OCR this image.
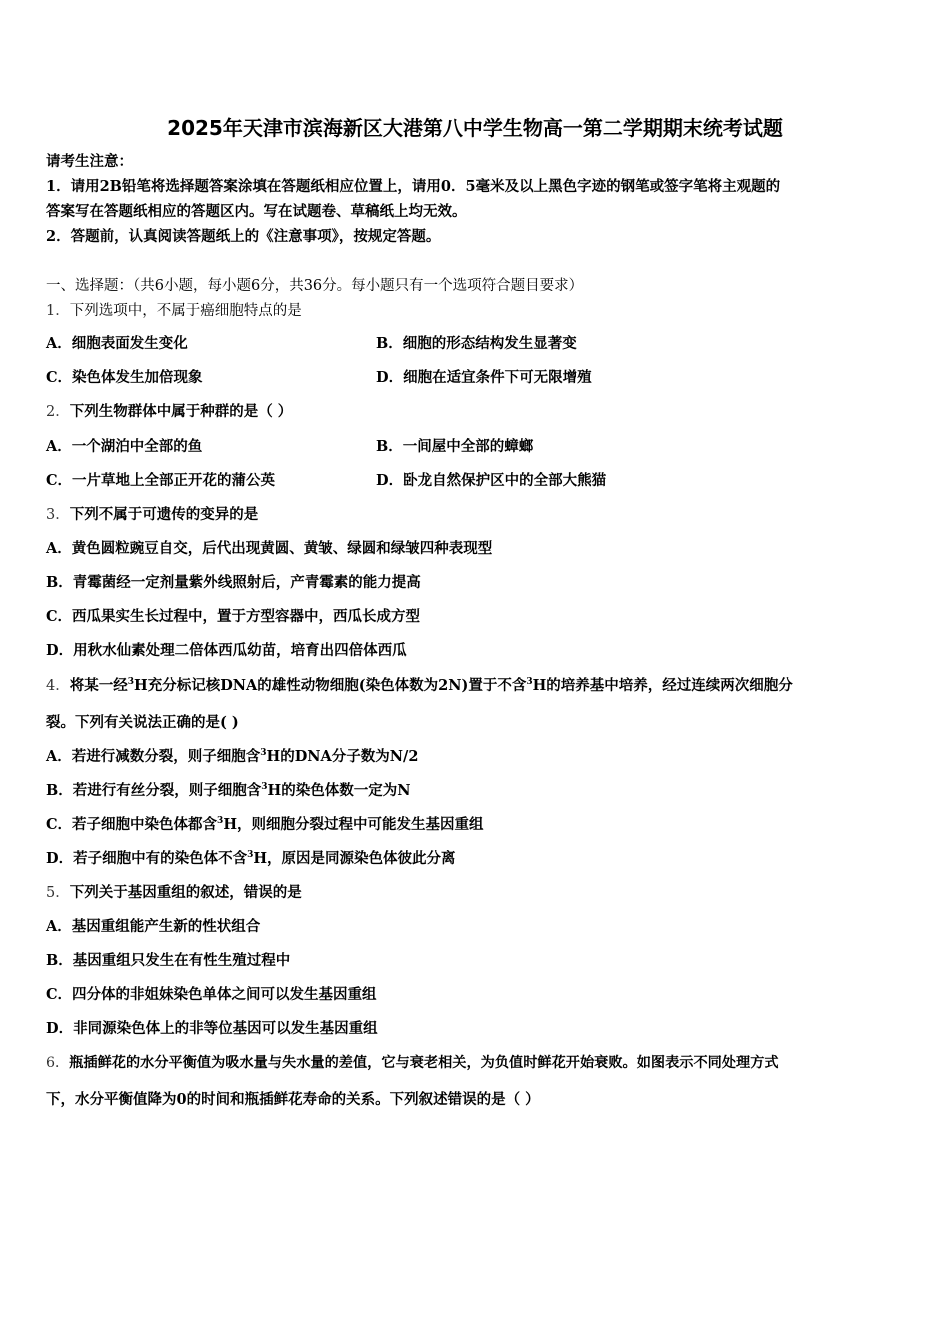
2025年天津市滨海新区大港第八中学生物高一第二学期期末统考试题
请考生注意：
1．请用2B铅笔将选择题答案涂填在答题纸相应位置上，请用0．5毫米及以上黑色字迹的钢笔或签字笔将主观题的
答案写在答题纸相应的答题区内。写在试题卷、草稿纸上均无效。
2．答题前，认真阅读答题纸上的《注意事项》，按规定答题。
一、选择题：（共6小题，每小题6分，共36分。每小题只有一个选项符合题目要求）
1．下列选项中，不属于癌细胞特点的是
A．细胞表面发生变化	B．细胞的形态结构发生显著变
C．染色体发生加倍现象	D．细胞在适宜条件下可无限增殖
2．下列生物群体中属于种群的是（ ）
A．一个湖泊中全部的鱼	B．一间屋中全部的蟑螂
C．一片草地上全部正开花的蒲公英	D．卧龙自然保护区中的全部大熊猫
3．下列不属于可遗传的变异的是
A．黄色圆粒豌豆自交，后代出现黄圆、黄皱、绿圆和绿皱四种表现型
B．青霉菌经一定剂量紫外线照射后，产青霉素的能力提高
C．西瓜果实生长过程中，置于方型容器中，西瓜长成方型
D．用秋水仙素处理二倍体西瓜幼苗，培育出四倍体西瓜
4．将某一经$^3$H充分标记核DNA的雄性动物细胞(染色体数为2N)置于不含$^3$H的培养基中培养，经过连续两次细胞分
裂。下列有关说法正确的是( )
A．若进行减数分裂，则子细胞含$^3$H的DNA分子数为N/2
B．若进行有丝分裂，则子细胞含$^3$H的染色体数一定为N
C．若子细胞中染色体都含$^3$H，则细胞分裂过程中可能发生基因重组
D．若子细胞中有的染色体不含$^3$H，原因是同源染色体彼此分离
5．下列关于基因重组的叙述，错误的是
A．基因重组能产生新的性状组合
B．基因重组只发生在有性生殖过程中
C．四分体的非姐妹染色单体之间可以发生基因重组
D．非同源染色体上的非等位基因可以发生基因重组
6．瓶插鲜花的水分平衡值为吸水量与失水量的差值，它与衰老相关，为负值时鲜花开始衰败。如图表示不同处理方式
下，水分平衡值降为0的时间和瓶插鲜花寿命的关系。下列叙述错误的是（ ）
